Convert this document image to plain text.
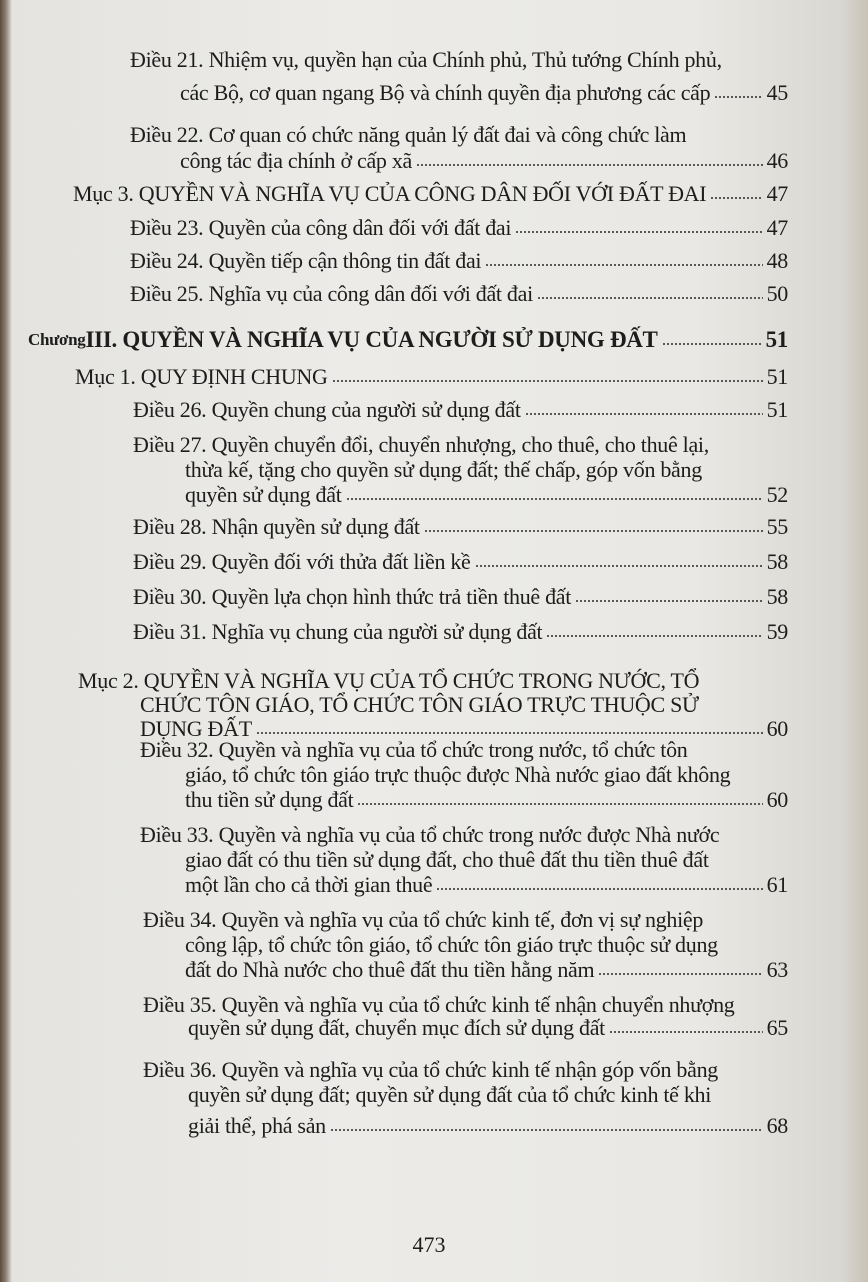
Điều 21. Nhiệm vụ, quyền hạn của Chính phủ, Thủ tướng Chính phủ,
các Bộ, cơ quan ngang Bộ và chính quyền địa phương các cấp	45
Điều 22. Cơ quan có chức năng quản lý đất đai và công chức làm
công tác địa chính ở cấp xã	46
Mục 3. QUYỀN VÀ NGHĨA VỤ CỦA CÔNG DÂN ĐỐI VỚI ĐẤT ĐAI	47
Điều 23. Quyền của công dân đối với đất đai	47
Điều 24. Quyền tiếp cận thông tin đất đai	48
Điều 25. Nghĩa vụ của công dân đối với đất đai	50
Chương III. QUYỀN VÀ NGHĨA VỤ CỦA NGƯỜI SỬ DỤNG ĐẤT	51
Mục 1. QUY ĐỊNH CHUNG	51
Điều 26. Quyền chung của người sử dụng đất	51
Điều 27. Quyền chuyển đổi, chuyển nhượng, cho thuê, cho thuê lại,
thừa kế, tặng cho quyền sử dụng đất; thế chấp, góp vốn bằng
quyền sử dụng đất	52
Điều 28. Nhận quyền sử dụng đất	55
Điều 29. Quyền đối với thửa đất liền kề	58
Điều 30. Quyền lựa chọn hình thức trả tiền thuê đất	58
Điều 31. Nghĩa vụ chung của người sử dụng đất	59
Mục 2. QUYỀN VÀ NGHĨA VỤ CỦA TỔ CHỨC TRONG NƯỚC, TỔ
CHỨC TÔN GIÁO, TỔ CHỨC TÔN GIÁO TRỰC THUỘC SỬ
DỤNG ĐẤT	60
Điều 32. Quyền và nghĩa vụ của tổ chức trong nước, tổ chức tôn
giáo, tổ chức tôn giáo trực thuộc được Nhà nước giao đất không
thu tiền sử dụng đất	60
Điều 33. Quyền và nghĩa vụ của tổ chức trong nước được Nhà nước
giao đất có thu tiền sử dụng đất, cho thuê đất thu tiền thuê đất
một lần cho cả thời gian thuê	61
Điều 34. Quyền và nghĩa vụ của tổ chức kinh tế, đơn vị sự nghiệp
công lập, tổ chức tôn giáo, tổ chức tôn giáo trực thuộc sử dụng
đất do Nhà nước cho thuê đất thu tiền hằng năm	63
Điều 35. Quyền và nghĩa vụ của tổ chức kinh tế nhận chuyển nhượng
quyền sử dụng đất, chuyển mục đích sử dụng đất	65
Điều 36. Quyền và nghĩa vụ của tổ chức kinh tế nhận góp vốn bằng
quyền sử dụng đất; quyền sử dụng đất của tổ chức kinh tế khi
giải thể, phá sản	68
473
